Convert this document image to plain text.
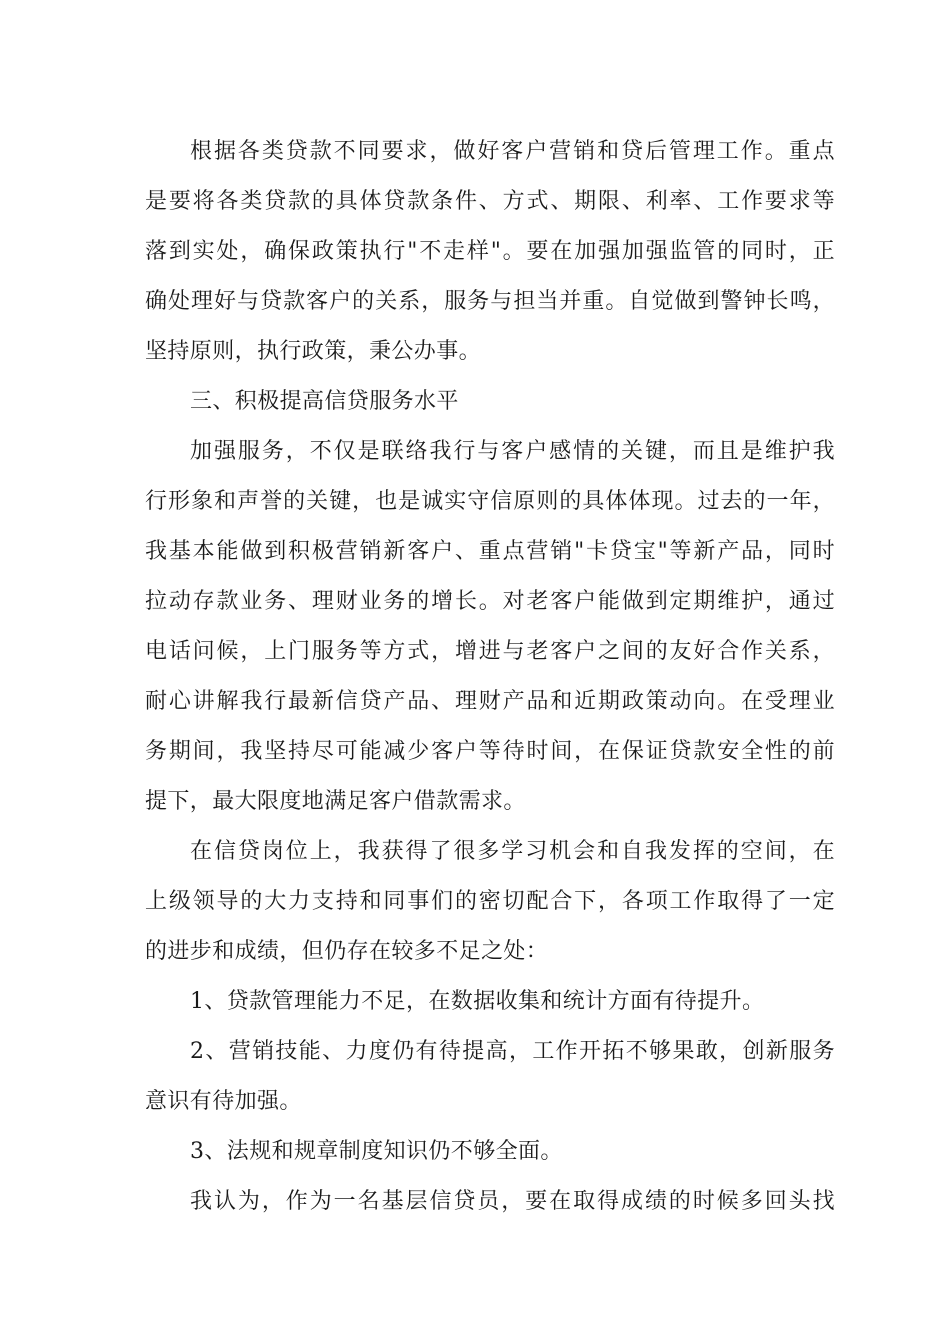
根据各类贷款不同要求，做好客户营销和贷后管理工作。重点
是要将各类贷款的具体贷款条件、方式、期限、利率、工作要求等
落到实处，确保政策执行"不走样"。要在加强加强监管的同时，正
确处理好与贷款客户的关系，服务与担当并重。自觉做到警钟长鸣，
坚持原则，执行政策，秉公办事。
三、积极提高信贷服务水平
加强服务，不仅是联络我行与客户感情的关键，而且是维护我
行形象和声誉的关键，也是诚实守信原则的具体体现。过去的一年，
我基本能做到积极营销新客户、重点营销"卡贷宝"等新产品，同时
拉动存款业务、理财业务的增长。对老客户能做到定期维护，通过
电话问候，上门服务等方式，增进与老客户之间的友好合作关系，
耐心讲解我行最新信贷产品、理财产品和近期政策动向。在受理业
务期间，我坚持尽可能减少客户等待时间，在保证贷款安全性的前
提下，最大限度地满足客户借款需求。
在信贷岗位上，我获得了很多学习机会和自我发挥的空间，在
上级领导的大力支持和同事们的密切配合下，各项工作取得了一定
的进步和成绩，但仍存在较多不足之处：
1、贷款管理能力不足，在数据收集和统计方面有待提升。
2、营销技能、力度仍有待提高，工作开拓不够果敢，创新服务
意识有待加强。
3、法规和规章制度知识仍不够全面。
我认为，作为一名基层信贷员，要在取得成绩的时候多回头找
